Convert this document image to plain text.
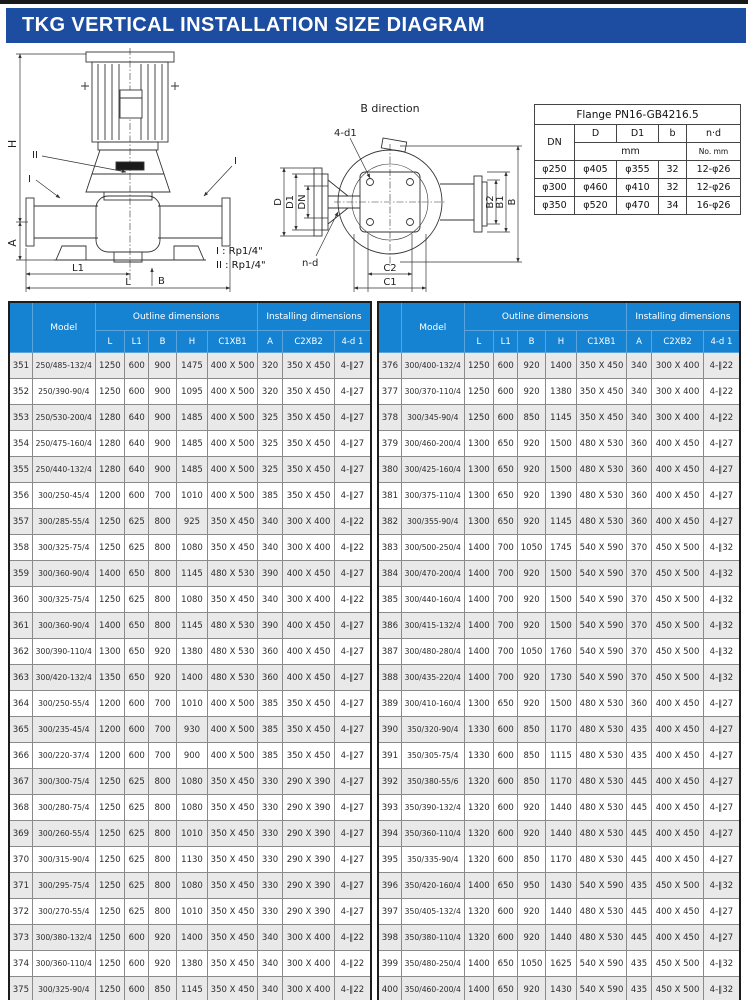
TKG VERTICAL INSTALLATION SIZE DIAGRAM
H
A
L1
L	B
II
I
I
B direction
4-d1
n-d
D D1 DN	B2 B1 B
C2
C1
I : Rp1/4"
II : Rp1/4"
Flange PN16-GB4216.5				
DN	D	D1	b	n·d
	mm			No. mm
φ250	φ405	φ355	32	12-φ26
φ300	φ460	φ410	32	12-φ26
φ350	φ520	φ470	34	16-φ26
	Model	Outline dimensions					Installing dimensions		
		L	L1	B	H	C1XB1	A	C2XB2	4-d 1
351	250/485-132/4	1250	600	900	1475	400 X 500	320	350 X 450	4-∥27
352	250/390-90/4	1250	600	900	1095	400 X 500	320	350 X 450	4-∥27
353	250/530-200/4	1280	640	900	1485	400 X 500	325	350 X 450	4-∥27
354	250/475-160/4	1280	640	900	1485	400 X 500	325	350 X 450	4-∥27
355	250/440-132/4	1280	640	900	1485	400 X 500	325	350 X 450	4-∥27
356	300/250-45/4	1200	600	700	1010	400 X 500	385	350 X 450	4-∥27
357	300/285-55/4	1250	625	800	925	350 X 450	340	300 X 400	4-∥22
358	300/325-75/4	1250	625	800	1080	350 X 450	340	300 X 400	4-∥22
359	300/360-90/4	1400	650	800	1145	480 X 530	390	400 X 450	4-∥27
360	300/325-75/4	1250	625	800	1080	350 X 450	340	300 X 400	4-∥22
361	300/360-90/4	1400	650	800	1145	480 X 530	390	400 X 450	4-∥27
362	300/390-110/4	1300	650	920	1380	480 X 530	360	400 X 450	4-∥27
363	300/420-132/4	1350	650	920	1400	480 X 530	360	400 X 450	4-∥27
364	300/250-55/4	1200	600	700	1010	400 X 500	385	350 X 450	4-∥27
365	300/235-45/4	1200	600	700	930	400 X 500	385	350 X 450	4-∥27
366	300/220-37/4	1200	600	700	900	400 X 500	385	350 X 450	4-∥27
367	300/300-75/4	1250	625	800	1080	350 X 450	330	290 X 390	4-∥27
368	300/280-75/4	1250	625	800	1080	350 X 450	330	290 X 390	4-∥27
369	300/260-55/4	1250	625	800	1010	350 X 450	330	290 X 390	4-∥27
370	300/315-90/4	1250	625	800	1130	350 X 450	330	290 X 390	4-∥27
371	300/295-75/4	1250	625	800	1080	350 X 450	330	290 X 390	4-∥27
372	300/270-55/4	1250	625	800	1010	350 X 450	330	290 X 390	4-∥27
373	300/380-132/4	1250	600	920	1400	350 X 450	340	300 X 400	4-∥22
374	300/360-110/4	1250	600	920	1380	350 X 450	340	300 X 400	4-∥22
375	300/325-90/4	1250	600	850	1145	350 X 450	340	300 X 400	4-∥22
	Model	Outline dimensions					Installing dimensions		
		L	L1	B	H	C1XB1	A	C2XB2	4-d 1
376	300/400-132/4	1250	600	920	1400	350 X 450	340	300 X 400	4-∥22
377	300/370-110/4	1250	600	920	1380	350 X 450	340	300 X 400	4-∥22
378	300/345-90/4	1250	600	850	1145	350 X 450	340	300 X 400	4-∥22
379	300/460-200/4	1300	650	920	1500	480 X 530	360	400 X 450	4-∥27
380	300/425-160/4	1300	650	920	1500	480 X 530	360	400 X 450	4-∥27
381	300/375-110/4	1300	650	920	1390	480 X 530	360	400 X 450	4-∥27
382	300/355-90/4	1300	650	920	1145	480 X 530	360	400 X 450	4-∥27
383	300/500-250/4	1400	700	1050	1745	540 X 590	370	450 X 500	4-∥32
384	300/470-200/4	1400	700	920	1500	540 X 590	370	450 X 500	4-∥32
385	300/440-160/4	1400	700	920	1500	540 X 590	370	450 X 500	4-∥32
386	300/415-132/4	1400	700	920	1500	540 X 590	370	450 X 500	4-∥32
387	300/480-280/4	1400	700	1050	1760	540 X 590	370	450 X 500	4-∥32
388	300/435-220/4	1400	700	920	1730	540 X 590	370	450 X 500	4-∥32
389	300/410-160/4	1300	650	920	1500	480 X 530	360	400 X 450	4-∥27
390	350/320-90/4	1330	600	850	1170	480 X 530	435	400 X 450	4-∥27
391	350/305-75/4	1330	600	850	1115	480 X 530	435	400 X 450	4-∥27
392	350/380-55/6	1320	600	850	1170	480 X 530	445	400 X 450	4-∥27
393	350/390-132/4	1320	600	920	1440	480 X 530	445	400 X 450	4-∥27
394	350/360-110/4	1320	600	920	1440	480 X 530	445	400 X 450	4-∥27
395	350/335-90/4	1320	600	850	1170	480 X 530	445	400 X 450	4-∥27
396	350/420-160/4	1400	650	950	1430	540 X 590	435	450 X 500	4-∥32
397	350/405-132/4	1320	600	920	1440	480 X 530	445	400 X 450	4-∥27
398	350/380-110/4	1320	600	920	1440	480 X 530	445	400 X 450	4-∥27
399	350/480-250/4	1400	650	1050	1625	540 X 590	435	450 X 500	4-∥32
400	350/460-200/4	1400	650	920	1430	540 X 590	435	450 X 500	4-∥32
